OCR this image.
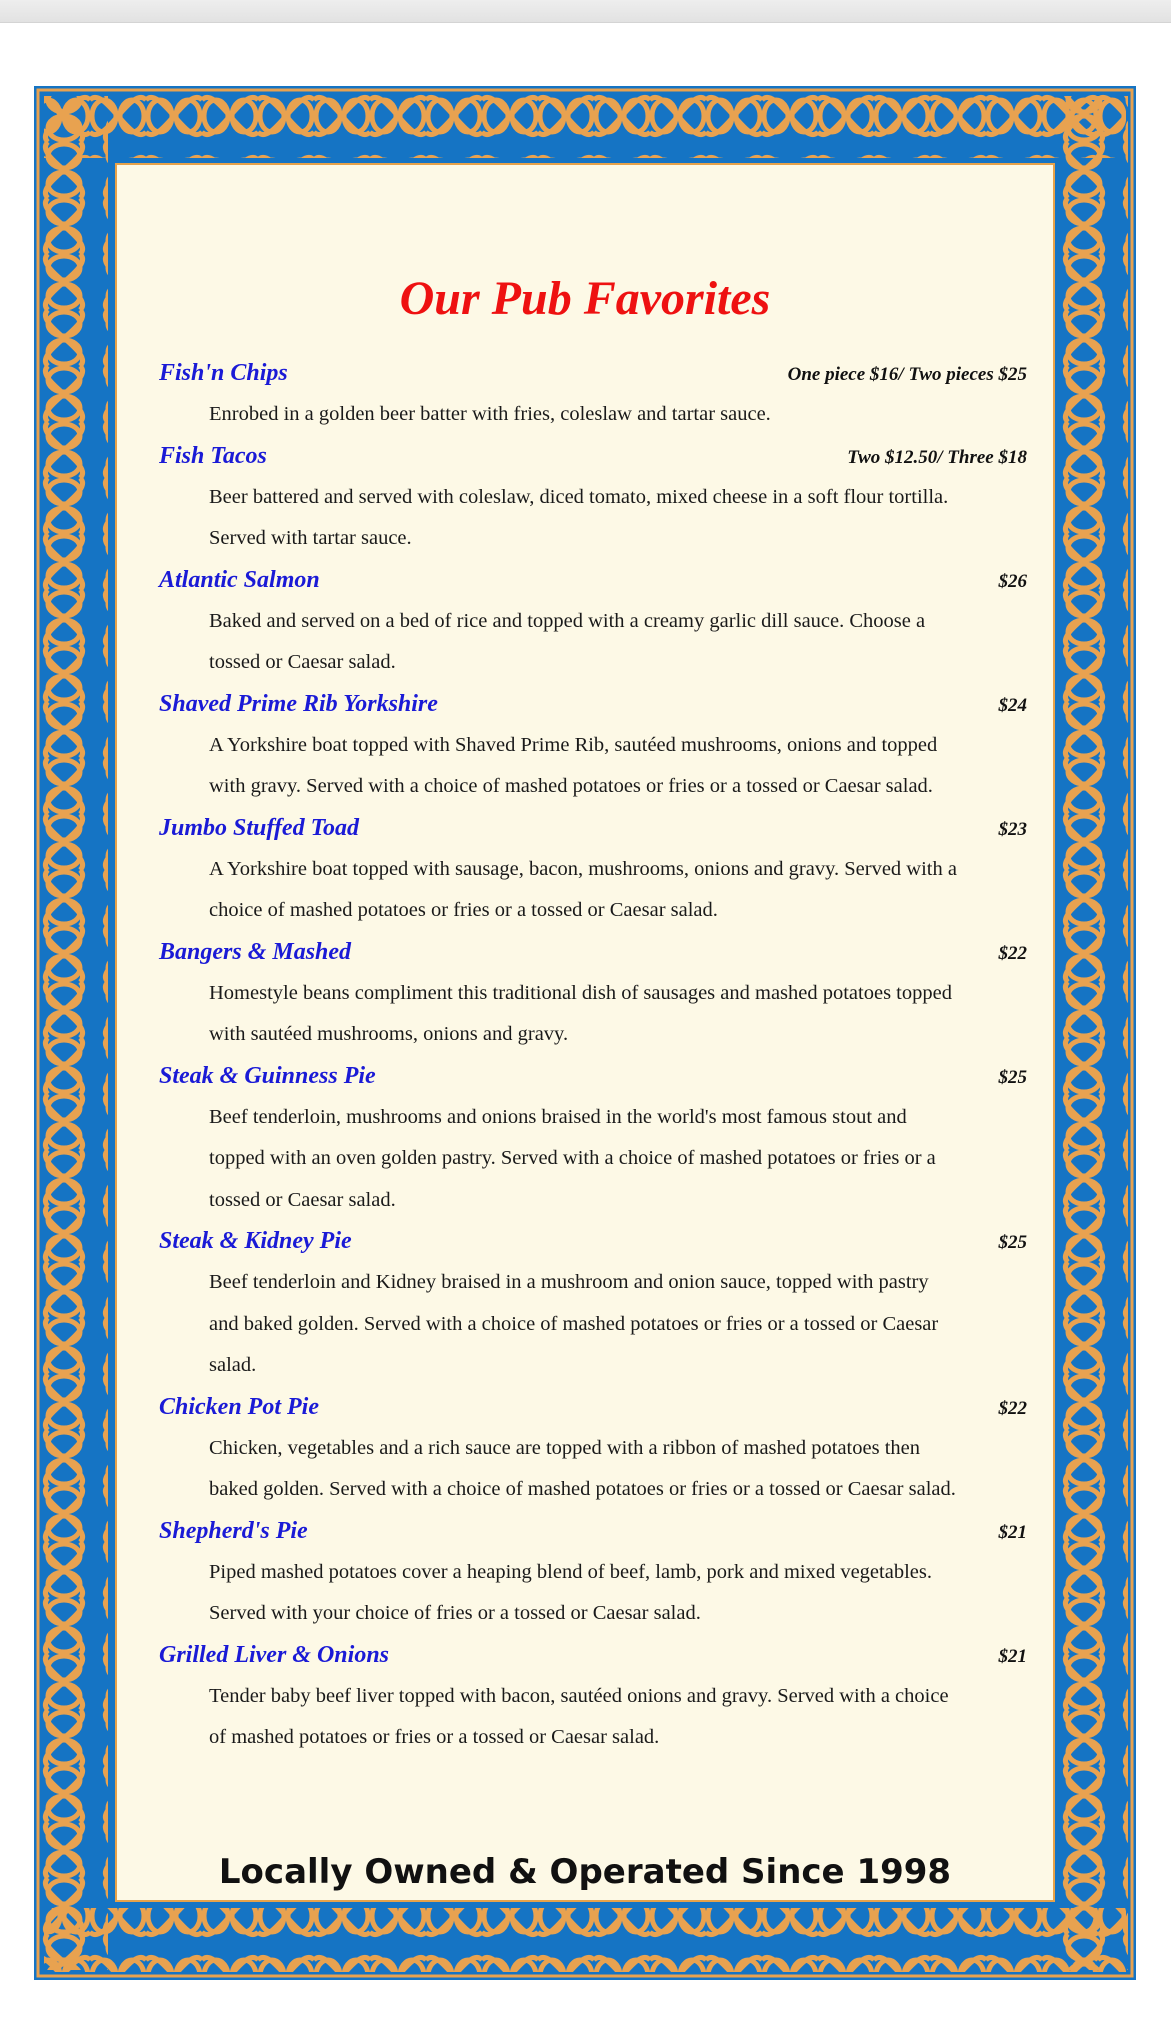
Our Pub Favorites
Fish'n Chips	One piece $16/ Two pieces $25

Enrobed in a golden beer batter with fries, coleslaw and tartar sauce.

Fish Tacos	Two $12.50/ Three $18

Beer battered and served with coleslaw, diced tomato, mixed cheese in a soft flour tortilla. Served with tartar sauce.

Atlantic Salmon	$26

Baked and served on a bed of rice and topped with a creamy garlic dill sauce. Choose a tossed or Caesar salad.

Shaved Prime Rib Yorkshire	$24

A Yorkshire boat topped with Shaved Prime Rib, sautéed mushrooms, onions and topped with gravy. Served with a choice of mashed potatoes or fries or a tossed or Caesar salad.

Jumbo Stuffed Toad	$23

A Yorkshire boat topped with sausage, bacon, mushrooms, onions and gravy. Served with a choice of mashed potatoes or fries or a tossed or Caesar salad.

Bangers & Mashed	$22

Homestyle beans compliment this traditional dish of sausages and mashed potatoes topped with sautéed mushrooms, onions and gravy.

Steak & Guinness Pie	$25

Beef tenderloin, mushrooms and onions braised in the world's most famous stout and topped with an oven golden pastry. Served with a choice of mashed potatoes or fries or a tossed or Caesar salad.

Steak & Kidney Pie	$25

Beef tenderloin and Kidney braised in a mushroom and onion sauce, topped with pastry and baked golden. Served with a choice of mashed potatoes or fries or a tossed or Caesar salad.

Chicken Pot Pie	$22

Chicken, vegetables and a rich sauce are topped with a ribbon of mashed potatoes then baked golden. Served with a choice of mashed potatoes or fries or a tossed or Caesar salad.

Shepherd's Pie	$21

Piped mashed potatoes cover a heaping blend of beef, lamb, pork and mixed vegetables. Served with your choice of fries or a tossed or Caesar salad.

Grilled Liver & Onions	$21

Tender baby beef liver topped with bacon, sautéed onions and gravy. Served with a choice of mashed potatoes or fries or a tossed or Caesar salad.

Locally Owned & Operated Since 1998
